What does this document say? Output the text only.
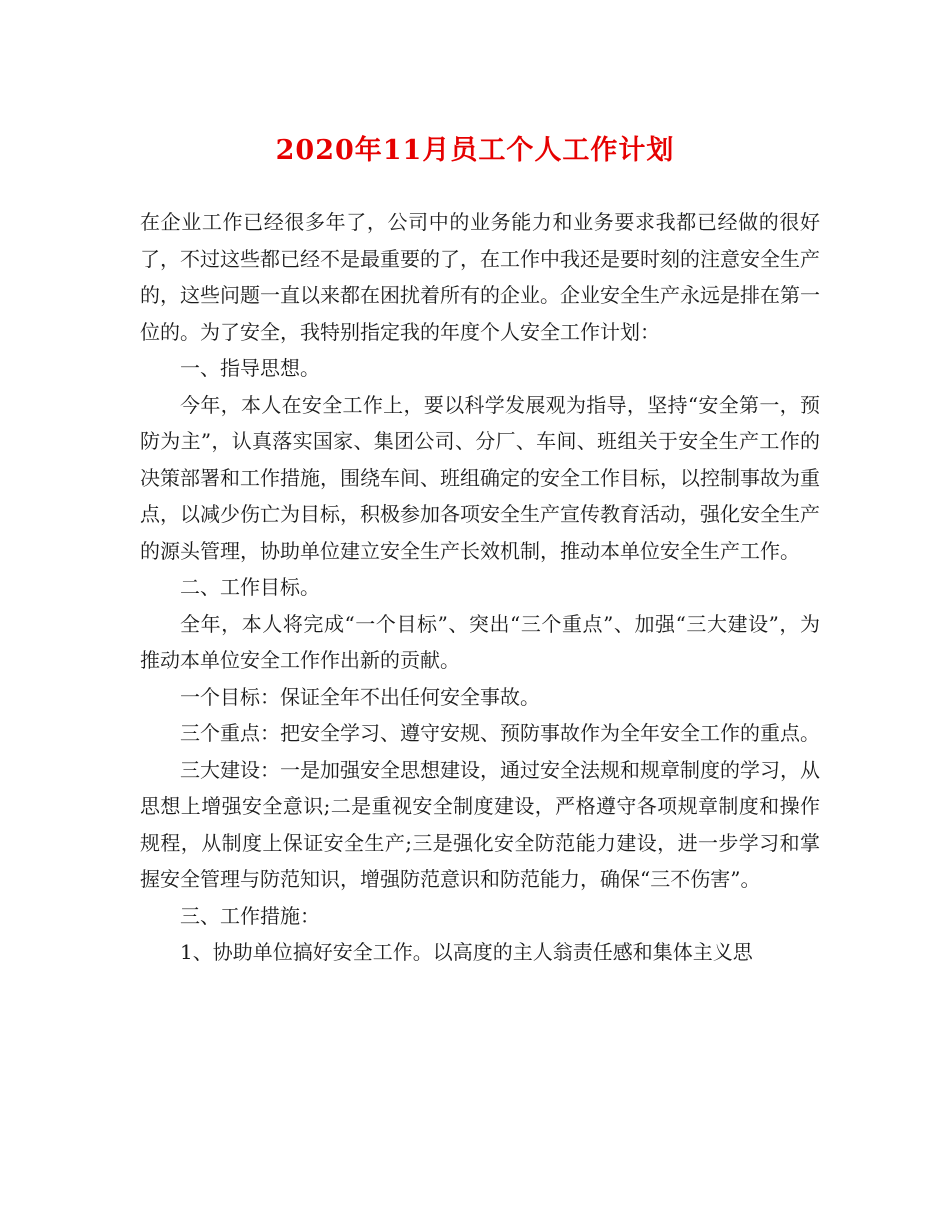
2020年11月员工个人工作计划

在企业工作已经很多年了，公司中的业务能力和业务要求我都已经做的很好了，不过这些都已经不是最重要的了，在工作中我还是要时刻的注意安全生产的，这些问题一直以来都在困扰着所有的企业。企业安全生产永远是排在第一位的。为了安全，我特别指定我的年度个人安全工作计划：

一、指导思想。

今年，本人在安全工作上，要以科学发展观为指导，坚持“安全第一，预防为主”，认真落实国家、集团公司、分厂、车间、班组关于安全生产工作的决策部署和工作措施，围绕车间、班组确定的安全工作目标，以控制事故为重点，以减少伤亡为目标，积极参加各项安全生产宣传教育活动，强化安全生产的源头管理，协助单位建立安全生产长效机制，推动本单位安全生产工作。

二、工作目标。

全年，本人将完成“一个目标”、突出“三个重点”、加强“三大建设”，为推动本单位安全工作作出新的贡献。

一个目标：保证全年不出任何安全事故。

三个重点：把安全学习、遵守安规、预防事故作为全年安全工作的重点。

三大建设：一是加强安全思想建设，通过安全法规和规章制度的学习，从思想上增强安全意识;二是重视安全制度建设，严格遵守各项规章制度和操作规程，从制度上保证安全生产;三是强化安全防范能力建设，进一步学习和掌握安全管理与防范知识，增强防范意识和防范能力，确保“三不伤害”。

三、工作措施：

1、协助单位搞好安全工作。以高度的主人翁责任感和集体主义思
